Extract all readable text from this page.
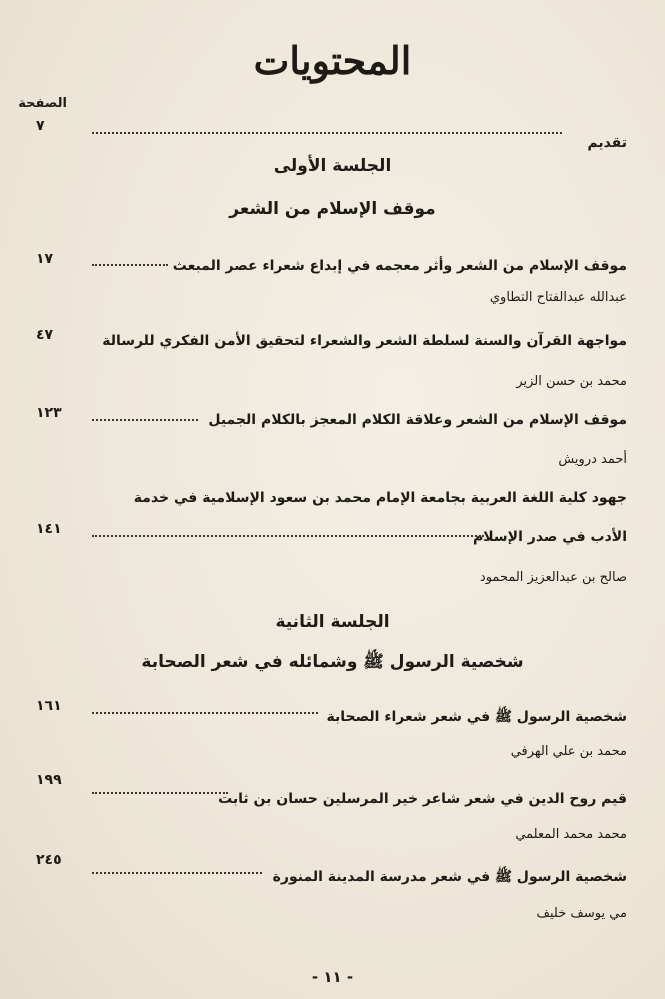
المحتويات
الصفحة
تقديم
٧
الجلسة الأولى
موقف الإسلام من الشعر
موقف الإسلام من الشعر وأثر معجمه في إبداع شعراء عصر المبعث
١٧
عبدالله عبدالفتاح التطاوي
مواجهة القرآن والسنة لسلطة الشعر والشعراء لتحقيق الأمن الفكري للرسالة
٤٧
محمد بن حسن الزير
موقف الإسلام من الشعر وعلاقة الكلام المعجز بالكلام الجميل
١٢٣
أحمد درويش
جهود كلية اللغة العربية بجامعة الإمام محمد بن سعود الإسلامية في خدمة
الأدب في صدر الإسلام
١٤١
صالح بن عبدالعزيز المحمود
الجلسة الثانية
شخصية الرسول ﷺ وشمائله في شعر الصحابة
شخصية الرسول ﷺ في شعر شعراء الصحابة
١٦١
محمد بن علي الهرفي
قيم روح الدين في شعر شاعر خير المرسلين حسان بن ثابت
١٩٩
محمد محمد المعلمي
شخصية الرسول ﷺ في شعر مدرسة المدينة المنورة
٢٤٥
مي يوسف خليف
- ١١ -
